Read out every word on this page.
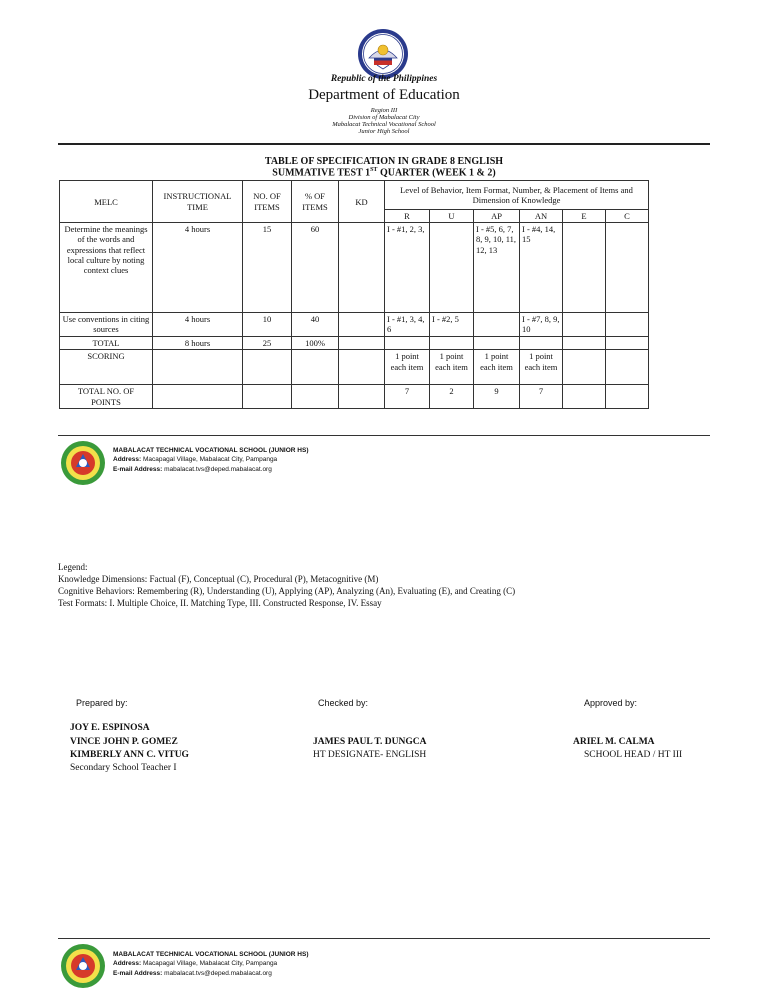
Republic of the Philippines
Department of Education
Region III
Division of Mabalacat City
Mabalacat Technical Vocational School
Junior High School
TABLE OF SPECIFICATION IN GRADE 8 ENGLISH
SUMMATIVE TEST 1ST QUARTER (WEEK 1 & 2)
MELC	INSTRUCTIONAL TIME	NO. OF ITEMS	% OF ITEMS	KD	Level of Behavior, Item Format, Number, & Placement of Items and Dimension of Knowledge					
					R	U	AP	AN	E	C
Determine the meanings of the words and expressions that reflect local culture by noting context clues	4 hours	15	60		I - #1, 2, 3,		I - #5, 6, 7, 8, 9, 10, 11, 12, 13	I - #4, 14, 15		
Use conventions in citing sources	4 hours	10	40		I - #1, 3, 4, 6	I - #2, 5		I - #7, 8, 9, 10		
TOTAL	8 hours	25	100%							
SCORING					1 point each item	1 point each item	1 point each item	1 point each item		
TOTAL NO. OF POINTS					7	2	9	7		
MABALACAT TECHNICAL VOCATIONAL SCHOOL (JUNIOR HS)
Address: Macapagal Village, Mabalacat City, Pampanga
E-mail Address: mabalacat.tvs@deped.mabalacat.org
Legend:
Knowledge Dimensions: Factual (F), Conceptual (C), Procedural (P), Metacognitive (M)
Cognitive Behaviors: Remembering (R), Understanding (U), Applying (AP), Analyzing (An), Evaluating (E), and Creating (C)
Test Formats: I. Multiple Choice, II. Matching Type, III. Constructed Response, IV. Essay
Prepared by:	Checked by:	Approved by:
JOY E. ESPINOSA
VINCE JOHN P. GOMEZ
KIMBERLY ANN C. VITUG
Secondary School Teacher I
JAMES PAUL T. DUNGCA
HT DESIGNATE- ENGLISH
ARIEL M. CALMA
SCHOOL HEAD / HT III
MABALACAT TECHNICAL VOCATIONAL SCHOOL (JUNIOR HS)
Address: Macapagal Village, Mabalacat City, Pampanga
E-mail Address: mabalacat.tvs@deped.mabalacat.org
